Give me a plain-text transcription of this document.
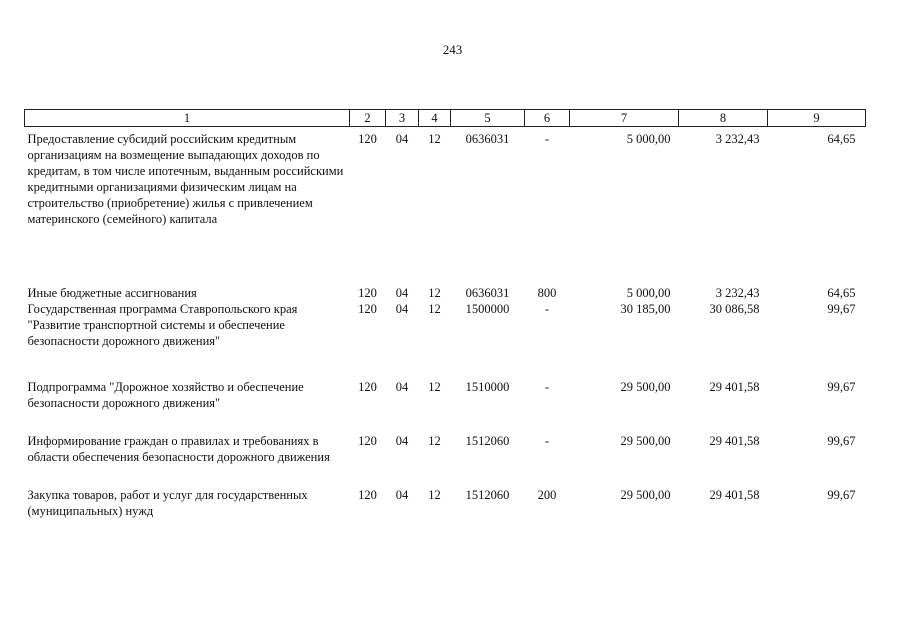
243
1	2	3	4	5	6	7	8	9
Предоставление субсидий российским кредитным организациям на возмещение выпадающих доходов по кредитам, в том числе ипотечным, выданным российскими кредитными организациями физическим лицам на строительство (приобретение) жилья с привлечением материнского (семейного) капитала	120	04	12	0636031	-	5 000,00	3 232,43	64,65
Иные бюджетные ассигнования	120	04	12	0636031	800	5 000,00	3 232,43	64,65
Государственная программа Ставропольского края "Развитие транспортной системы и обеспечение безопасности дорожного движения"	120	04	12	1500000	-	30 185,00	30 086,58	99,67
Подпрограмма "Дорожное хозяйство и обеспечение безопасности дорожного движения"	120	04	12	1510000	-	29 500,00	29 401,58	99,67
Информирование граждан о правилах и требованиях в области обеспечения безопасности дорожного движения	120	04	12	1512060	-	29 500,00	29 401,58	99,67
Закупка товаров, работ и услуг для государственных (муниципальных) нужд	120	04	12	1512060	200	29 500,00	29 401,58	99,67
